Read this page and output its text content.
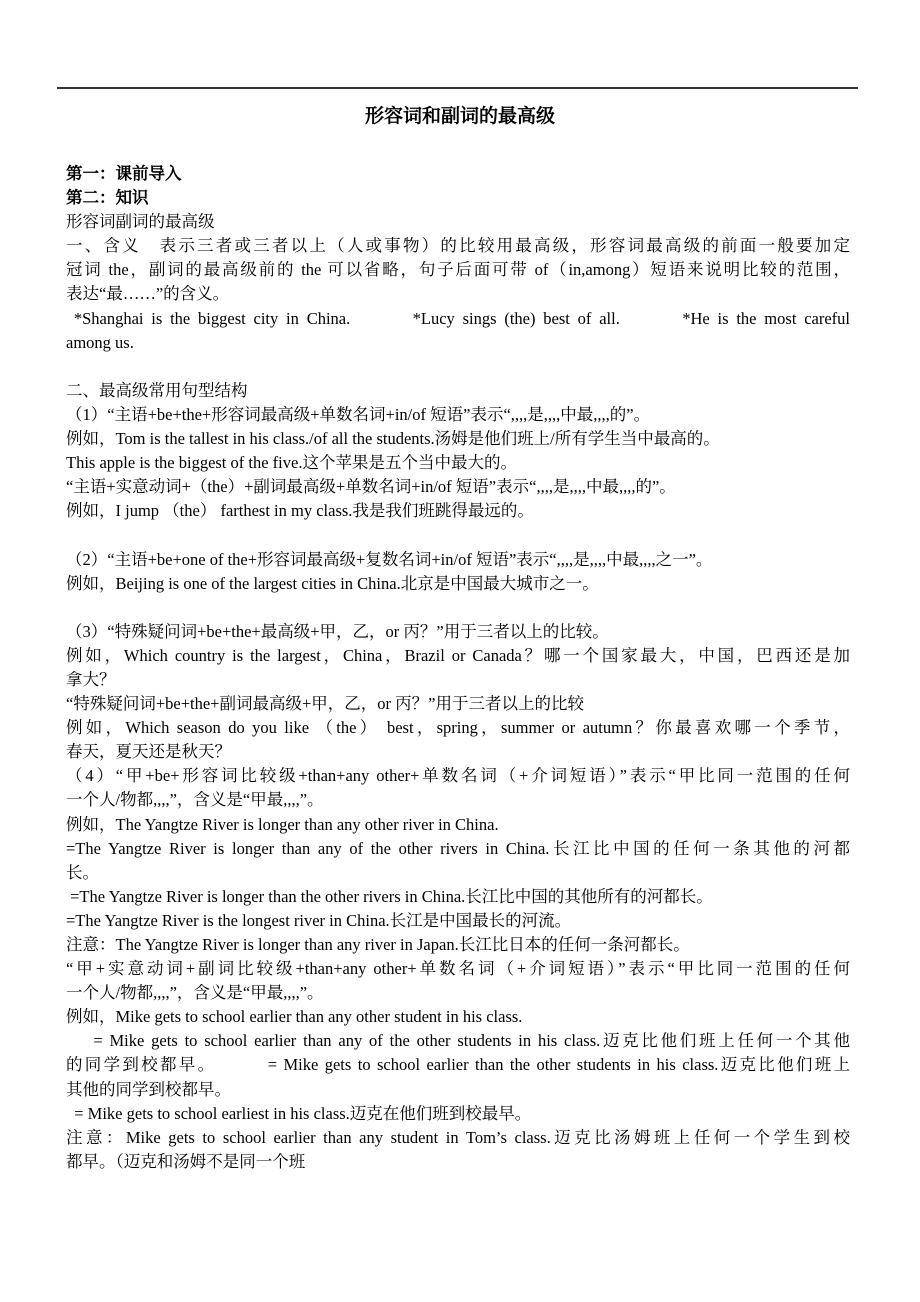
形容词和副词的最高级
第一：课前导入
第二：知识
形容词副词的最高级
一、含义　表示三者或三者以上（人或事物）的比较用最高级，形容词最高级的前面一般要加定
冠词 the，副词的最高级前的 the 可以省略，句子后面可带 of（in,among）短语来说明比较的范围，
表达“最……”的含义。
*Shanghai is the biggest city in China.        *Lucy sings (the) best of all.        *He is the most careful
among us.
二、最高级常用句型结构
（1）“主语+be+the+形容词最高级+单数名词+in/of 短语”表示“,,,,是,,,,中最,,,,的”。
例如，Tom is the tallest in his class./of all the students.汤姆是他们班上/所有学生当中最高的。
This apple is the biggest of the five.这个苹果是五个当中最大的。
“主语+实意动词+（the）+副词最高级+单数名词+in/of 短语”表示“,,,,是,,,,中最,,,,的”。
例如，I jump （the） farthest in my class.我是我们班跳得最远的。
（2）“主语+be+one of the+形容词最高级+复数名词+in/of 短语”表示“,,,,是,,,,中最,,,,之一”。
例如，Beijing is one of the largest cities in China.北京是中国最大城市之一。
（3）“特殊疑问词+be+the+最高级+甲，乙，or 丙？”用于三者以上的比较。
例如，Which country is the largest，China，Brazil or Canada？哪一个国家最大，中国，巴西还是加
拿大？
“特殊疑问词+be+the+副词最高级+甲，乙，or 丙？”用于三者以上的比较
例如，Which season do you like （the） best，spring，summer or autumn？你最喜欢哪一个季节，
春天，夏天还是秋天？
（4）“甲+be+形容词比较级+than+any other+单数名词（+介词短语）”表示“甲比同一范围的任何
一个人/物都,,,,”，含义是“甲最,,,,”。
例如，The Yangtze River is longer than any other river in China.
=The Yangtze River is longer than any of the other rivers in China.长江比中国的任何一条其他的河都
长。
=The Yangtze River is longer than the other rivers in China.长江比中国的其他所有的河都长。
=The Yangtze River is the longest river in China.长江是中国最长的河流。
注意：The Yangtze River is longer than any river in Japan.长江比日本的任何一条河都长。
“甲+实意动词+副词比较级+than+any other+单数名词（+介词短语）”表示“甲比同一范围的任何
一个人/物都,,,,”，含义是“甲最,,,,”。
例如，Mike gets to school earlier than any other student in his class.
= Mike gets to school earlier than any of the other students in his class.迈克比他们班上任何一个其他
的同学到校都早。        = Mike gets to school earlier than the other students in his class.迈克比他们班上
其他的同学到校都早。
= Mike gets to school earliest in his class.迈克在他们班到校最早。
注意：Mike gets to school earlier than any student in Tom’s class.迈克比汤姆班上任何一个学生到校
都早。（迈克和汤姆不是同一个班
